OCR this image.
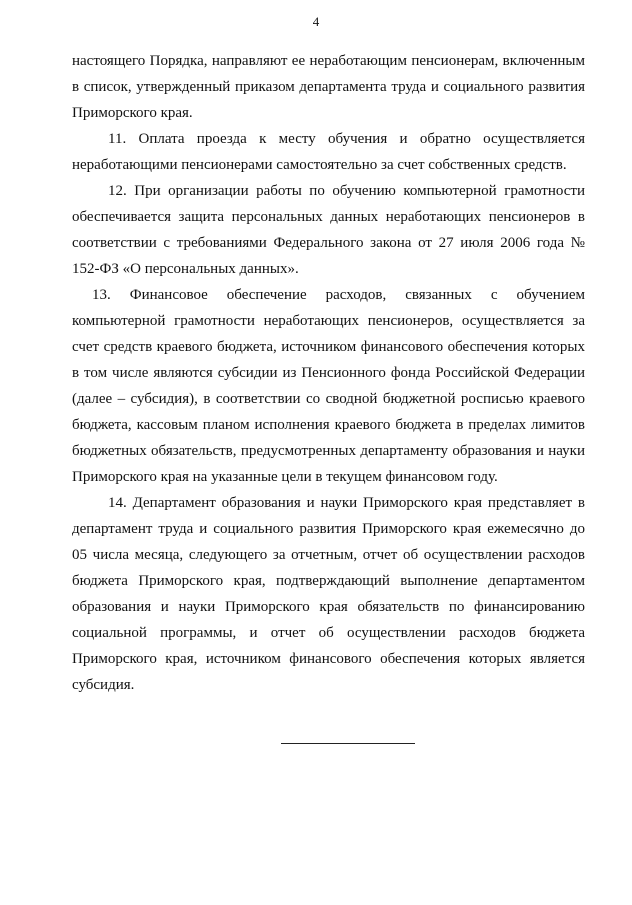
4

настоящего Порядка, направляют ее неработающим пенсионерам, включенным в список, утвержденный приказом департамента труда и социального развития Приморского края.

11. Оплата проезда к месту обучения и обратно осуществляется неработающими пенсионерами самостоятельно за счет собственных средств.

12. При организации работы по обучению компьютерной грамотности обеспечивается защита персональных данных неработающих пенсионеров в соответствии с требованиями Федерального закона от 27 июля 2006 года № 152-ФЗ «О персональных данных».

13. Финансовое обеспечение расходов, связанных с обучением компьютерной грамотности неработающих пенсионеров, осуществляется за счет средств краевого бюджета, источником финансового обеспечения которых в том числе являются субсидии из Пенсионного фонда Российской Федерации (далее – субсидия), в соответствии со сводной бюджетной росписью краевого бюджета, кассовым планом исполнения краевого бюджета в пределах лимитов бюджетных обязательств, предусмотренных департаменту образования и науки Приморского края на указанные цели в текущем финансовом году.

14. Департамент образования и науки Приморского края представляет в департамент труда и социального развития Приморского края ежемесячно до 05 числа месяца, следующего за отчетным, отчет об осуществлении расходов бюджета Приморского края, подтверждающий выполнение департаментом образования и науки Приморского края обязательств по финансированию социальной программы, и отчет об осуществлении расходов бюджета Приморского края, источником финансового обеспечения которых является субсидия.
